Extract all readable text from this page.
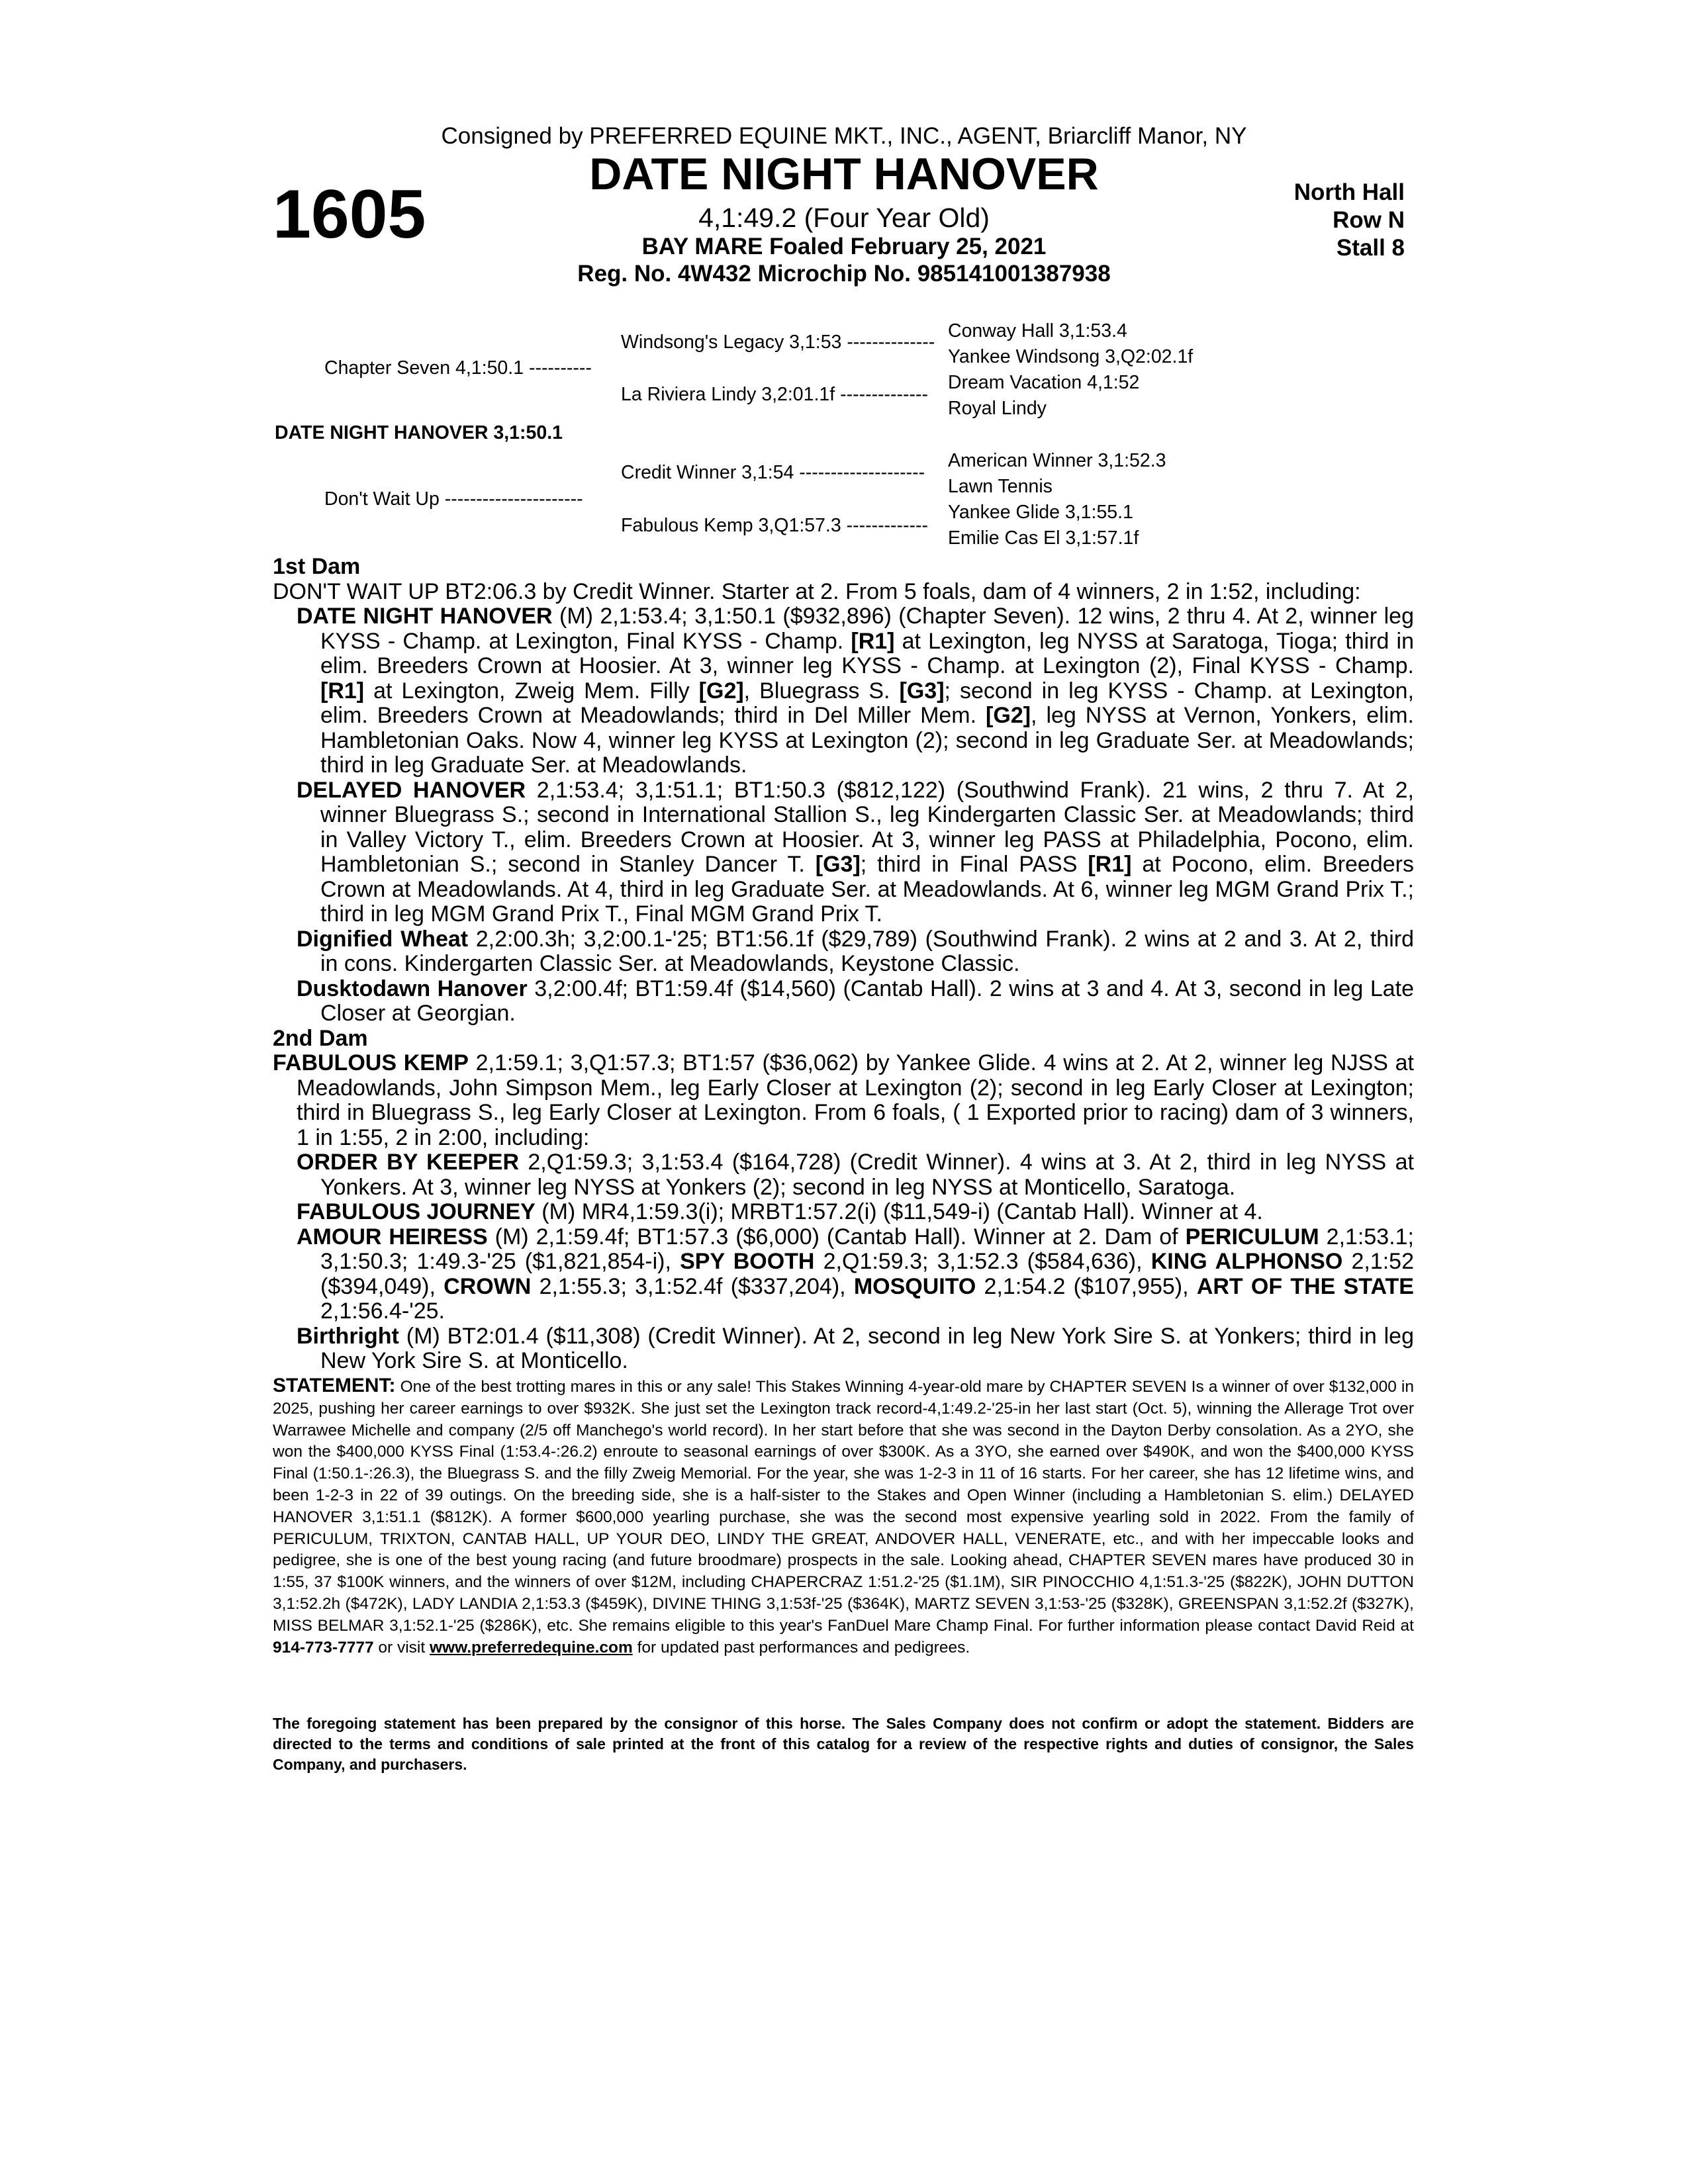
Consigned by PREFERRED EQUINE MKT., INC., AGENT, Briarcliff Manor, NY
1605
DATE NIGHT HANOVER
4,1:49.2 (Four Year Old)
BAY MARE Foaled February 25, 2021
Reg. No. 4W432 Microchip No. 985141001387938
North Hall
Row N
Stall 8
DATE NIGHT HANOVER 3,1:50.1
Chapter Seven 4,1:50.1 ----------
Don't Wait Up ----------------------
Windsong's Legacy 3,1:53 --------------
La Riviera Lindy 3,2:01.1f --------------
Credit Winner 3,1:54 --------------------
Fabulous Kemp 3,Q1:57.3 -------------
Conway Hall 3,1:53.4
Yankee Windsong 3,Q2:02.1f
Dream Vacation 4,1:52
Royal Lindy
American Winner 3,1:52.3
Lawn Tennis
Yankee Glide 3,1:55.1
Emilie Cas El 3,1:57.1f
1st Dam
DON'T WAIT UP BT2:06.3 by Credit Winner. Starter at 2. From 5 foals, dam of 4 winners, 2 in 1:52, including:
DATE NIGHT HANOVER (M) 2,1:53.4; 3,1:50.1 ($932,896) (Chapter Seven). 12 wins, 2 thru 4. At 2, winner leg KYSS - Champ. at Lexington, Final KYSS - Champ. [R1] at Lexington, leg NYSS at Saratoga, Tioga; third in elim. Breeders Crown at Hoosier. At 3, winner leg KYSS - Champ. at Lexington (2), Final KYSS - Champ. [R1] at Lexington, Zweig Mem. Filly [G2], Bluegrass S. [G3]; second in leg KYSS - Champ. at Lexington, elim. Breeders Crown at Meadowlands; third in Del Miller Mem. [G2], leg NYSS at Vernon, Yonkers, elim. Hambletonian Oaks. Now 4, winner leg KYSS at Lexington (2); second in leg Graduate Ser. at Meadowlands; third in leg Graduate Ser. at Meadowlands.
DELAYED HANOVER 2,1:53.4; 3,1:51.1; BT1:50.3 ($812,122) (Southwind Frank). 21 wins, 2 thru 7. At 2, winner Bluegrass S.; second in International Stallion S., leg Kindergarten Classic Ser. at Meadowlands; third in Valley Victory T., elim. Breeders Crown at Hoosier. At 3, winner leg PASS at Philadelphia, Pocono, elim. Hambletonian S.; second in Stanley Dancer T. [G3]; third in Final PASS [R1] at Pocono, elim. Breeders Crown at Meadowlands. At 4, third in leg Graduate Ser. at Meadowlands. At 6, winner leg MGM Grand Prix T.; third in leg MGM Grand Prix T., Final MGM Grand Prix T.
Dignified Wheat 2,2:00.3h; 3,2:00.1-'25; BT1:56.1f ($29,789) (Southwind Frank). 2 wins at 2 and 3. At 2, third in cons. Kindergarten Classic Ser. at Meadowlands, Keystone Classic.
Dusktodawn Hanover 3,2:00.4f; BT1:59.4f ($14,560) (Cantab Hall). 2 wins at 3 and 4. At 3, second in leg Late Closer at Georgian.
2nd Dam
FABULOUS KEMP 2,1:59.1; 3,Q1:57.3; BT1:57 ($36,062) by Yankee Glide. 4 wins at 2. At 2, winner leg NJSS at Meadowlands, John Simpson Mem., leg Early Closer at Lexington (2); second in leg Early Closer at Lexington; third in Bluegrass S., leg Early Closer at Lexington. From 6 foals, ( 1 Exported prior to racing) dam of 3 winners, 1 in 1:55, 2 in 2:00, including:
ORDER BY KEEPER 2,Q1:59.3; 3,1:53.4 ($164,728) (Credit Winner). 4 wins at 3. At 2, third in leg NYSS at Yonkers. At 3, winner leg NYSS at Yonkers (2); second in leg NYSS at Monticello, Saratoga.
FABULOUS JOURNEY (M) MR4,1:59.3(i); MRBT1:57.2(i) ($11,549-i) (Cantab Hall). Winner at 4.
AMOUR HEIRESS (M) 2,1:59.4f; BT1:57.3 ($6,000) (Cantab Hall). Winner at 2. Dam of PERICULUM 2,1:53.1; 3,1:50.3; 1:49.3-'25 ($1,821,854-i), SPY BOOTH 2,Q1:59.3; 3,1:52.3 ($584,636), KING ALPHONSO 2,1:52 ($394,049), CROWN 2,1:55.3; 3,1:52.4f ($337,204), MOSQUITO 2,1:54.2 ($107,955), ART OF THE STATE 2,1:56.4-'25.
Birthright (M) BT2:01.4 ($11,308) (Credit Winner). At 2, second in leg New York Sire S. at Yonkers; third in leg New York Sire S. at Monticello.
STATEMENT: One of the best trotting mares in this or any sale! This Stakes Winning 4-year-old mare by CHAPTER SEVEN Is a winner of over $132,000 in 2025, pushing her career earnings to over $932K. She just set the Lexington track record-4,1:49.2-'25-in her last start (Oct. 5), winning the Allerage Trot over Warrawee Michelle and company (2/5 off Manchego's world record). In her start before that she was second in the Dayton Derby consolation. As a 2YO, she won the $400,000 KYSS Final (1:53.4-:26.2) enroute to seasonal earnings of over $300K. As a 3YO, she earned over $490K, and won the $400,000 KYSS Final (1:50.1-:26.3), the Bluegrass S. and the filly Zweig Memorial. For the year, she was 1-2-3 in 11 of 16 starts. For her career, she has 12 lifetime wins, and been 1-2-3 in 22 of 39 outings. On the breeding side, she is a half-sister to the Stakes and Open Winner (including a Hambletonian S. elim.) DELAYED HANOVER 3,1:51.1 ($812K). A former $600,000 yearling purchase, she was the second most expensive yearling sold in 2022. From the family of PERICULUM, TRIXTON, CANTAB HALL, UP YOUR DEO, LINDY THE GREAT, ANDOVER HALL, VENERATE, etc., and with her impeccable looks and pedigree, she is one of the best young racing (and future broodmare) prospects in the sale. Looking ahead, CHAPTER SEVEN mares have produced 30 in 1:55, 37 $100K winners, and the winners of over $12M, including CHAPERCRAZ 1:51.2-'25 ($1.1M), SIR PINOCCHIO 4,1:51.3-'25 ($822K), JOHN DUTTON 3,1:52.2h ($472K), LADY LANDIA 2,1:53.3 ($459K), DIVINE THING 3,1:53f-'25 ($364K), MARTZ SEVEN 3,1:53-'25 ($328K), GREENSPAN 3,1:52.2f ($327K), MISS BELMAR 3,1:52.1-'25 ($286K), etc. She remains eligible to this year's FanDuel Mare Champ Final. For further information please contact David Reid at 914-773-7777 or visit www.preferredequine.com for updated past performances and pedigrees.
The foregoing statement has been prepared by the consignor of this horse. The Sales Company does not confirm or adopt the statement. Bidders are directed to the terms and conditions of sale printed at the front of this catalog for a review of the respective rights and duties of consignor, the Sales Company, and purchasers.
